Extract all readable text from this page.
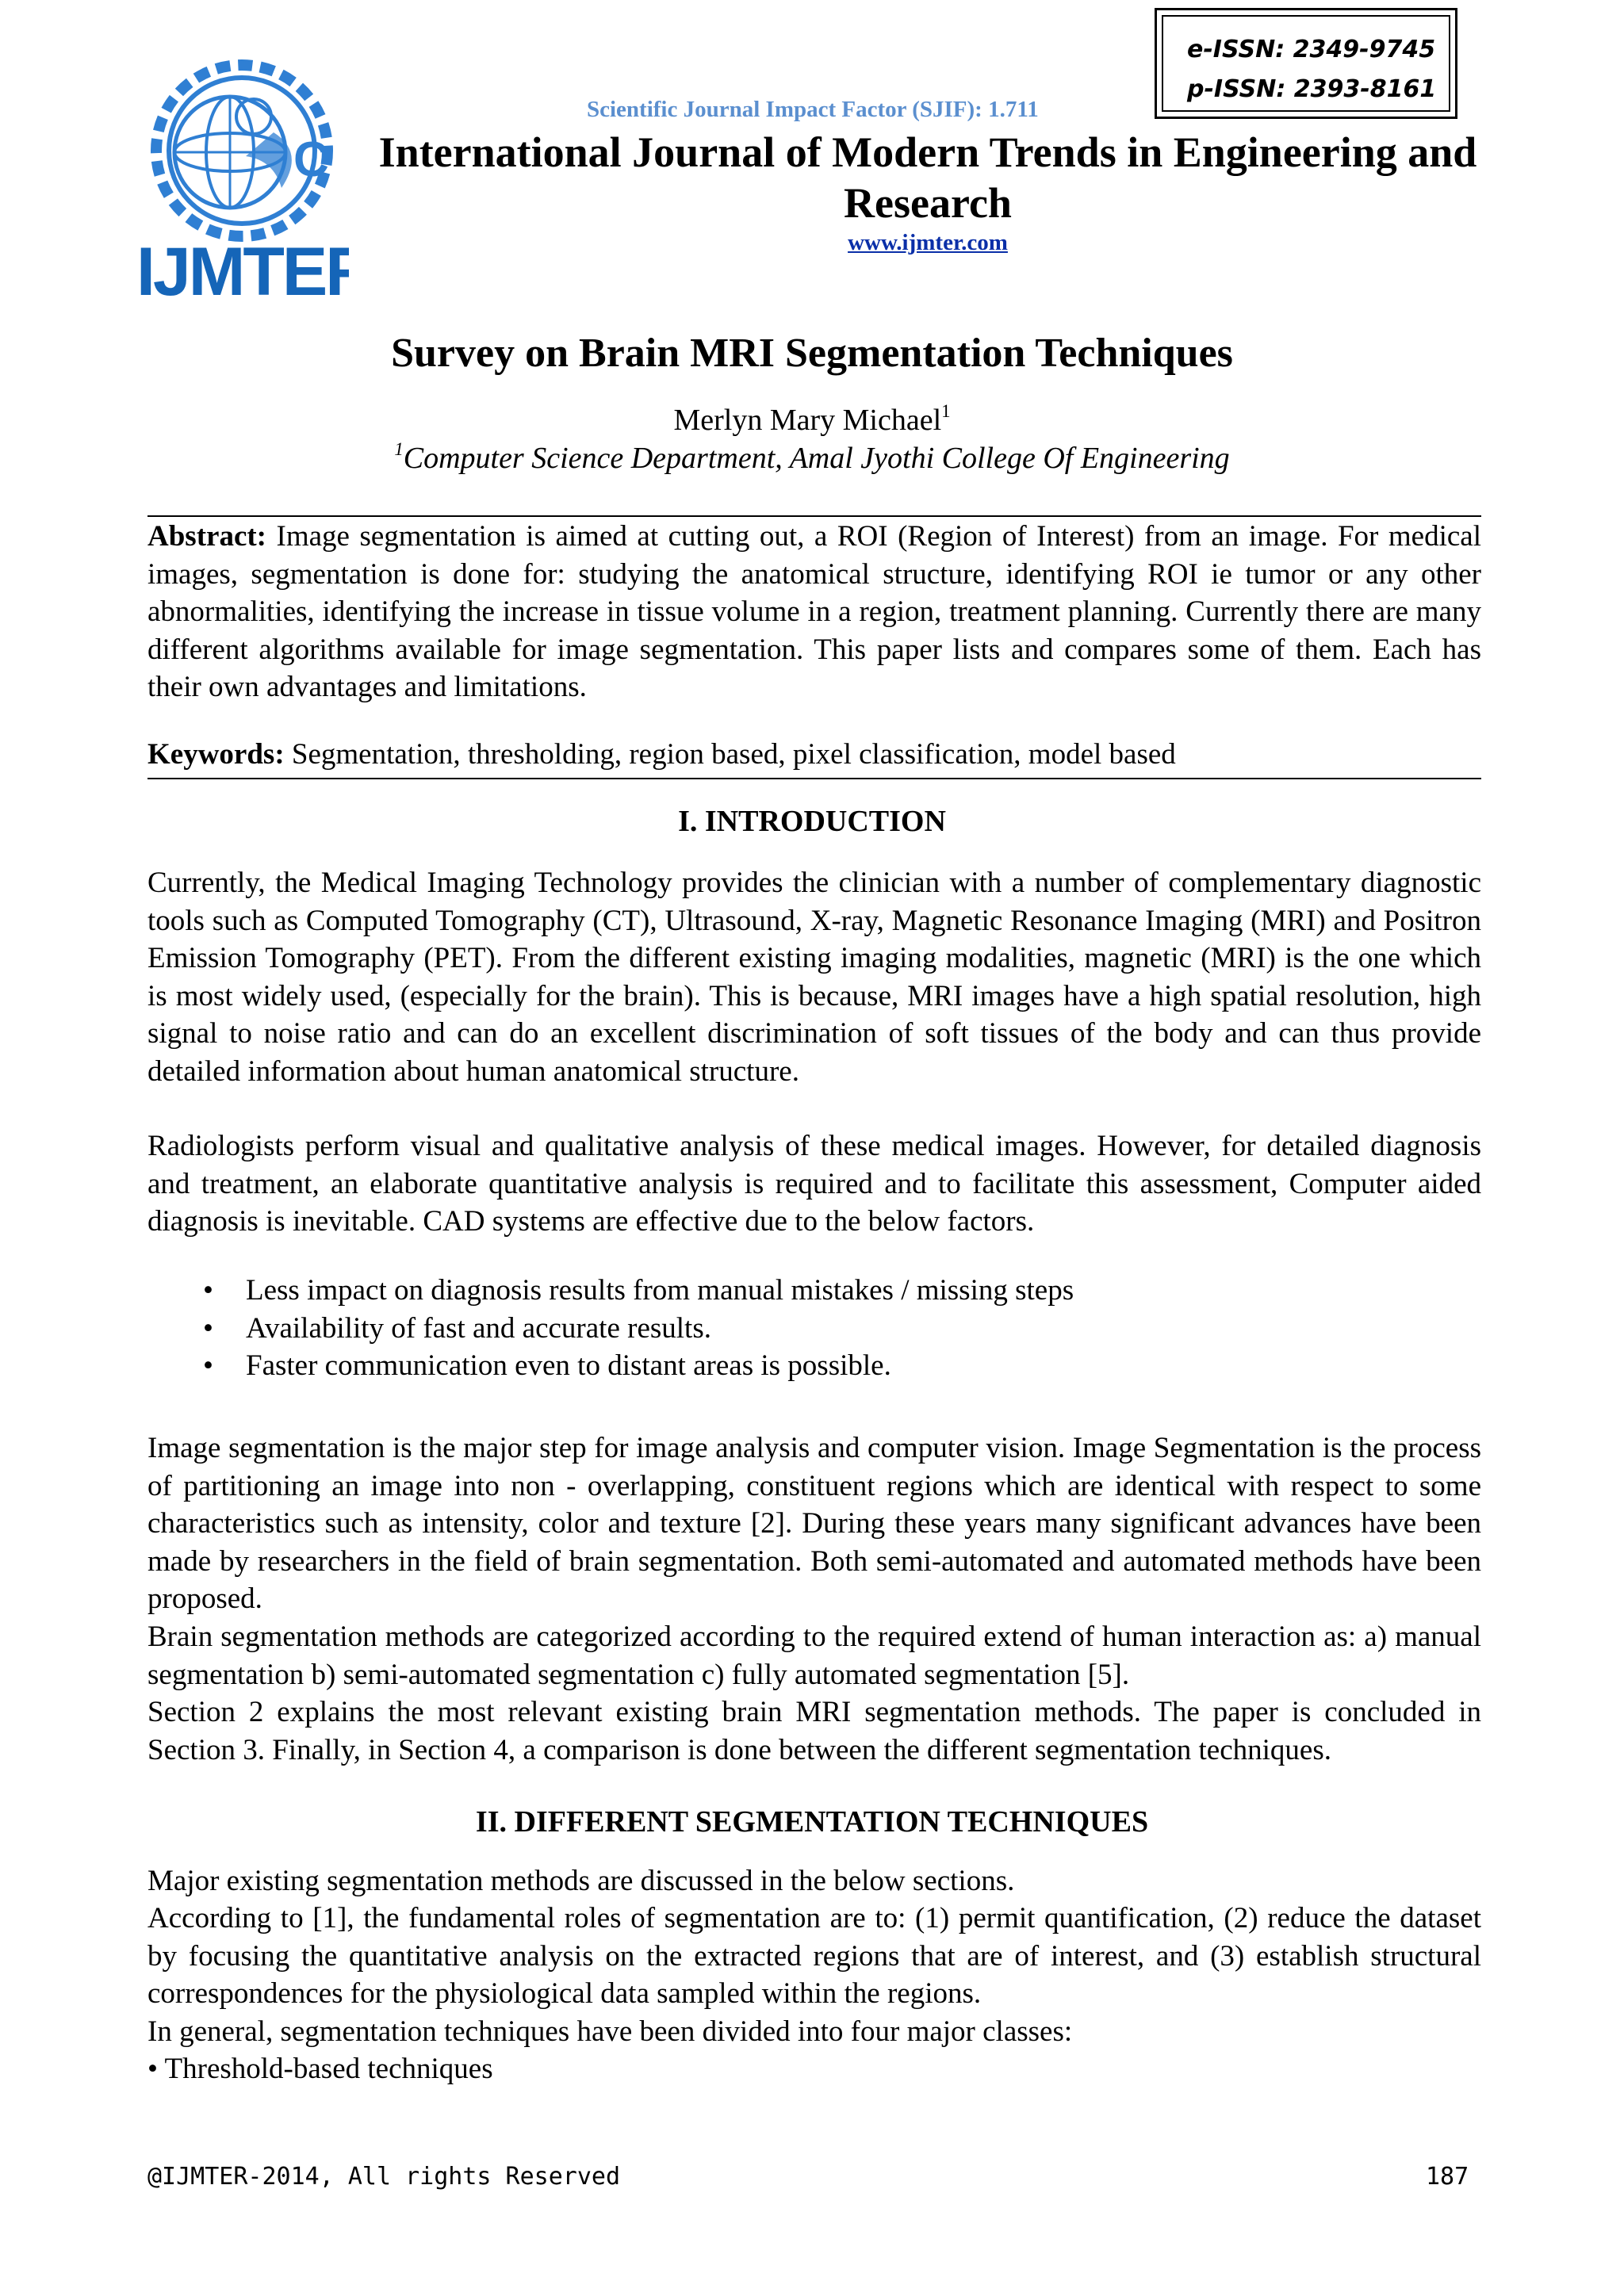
C
IJMTER
e-ISSN: 2349-9745
p-ISSN: 2393-8161
Scientific Journal Impact Factor (SJIF): 1.711
International Journal of Modern Trends in Engineering and Research
www.ijmter.com
Survey on Brain MRI Segmentation Techniques
Merlyn Mary Michael$^1$
$^1$Computer Science Department, Amal Jyothi College Of Engineering

Abstract: Image segmentation is aimed at cutting out, a ROI (Region of Interest) from an image. For medical images, segmentation is done for: studying the anatomical structure, identifying ROI ie tumor or any other abnormalities, identifying the increase in tissue volume in a region, treatment planning. Currently there are many different algorithms available for image segmentation. This paper lists and compares some of them. Each has their own advantages and limitations.

Keywords: Segmentation, thresholding, region based, pixel classification, model based

I. INTRODUCTION

Currently, the Medical Imaging Technology provides the clinician with a number of complementary diagnostic tools such as Computed Tomography (CT), Ultrasound, X-ray, Magnetic Resonance Imaging (MRI) and Positron Emission Tomography (PET). From the different existing imaging modalities, magnetic (MRI) is the one which is most widely used, (especially for the brain). This is because, MRI images have a high spatial resolution, high signal to noise ratio and can do an excellent discrimination of soft tissues of the body and can thus provide detailed information about human anatomical structure.

Radiologists perform visual and qualitative analysis of these medical images. However, for detailed diagnosis and treatment, an elaborate quantitative analysis is required and to facilitate this assessment, Computer aided diagnosis is inevitable. CAD systems are effective due to the below factors.

• Less impact on diagnosis results from manual mistakes / missing steps
• Availability of fast and accurate results.
• Faster communication even to distant areas is possible.

Image segmentation is the major step for image analysis and computer vision. Image Segmentation is the process of partitioning an image into non - overlapping, constituent regions which are identical with respect to some characteristics such as intensity, color and texture [2]. During these years many significant advances have been made by researchers in the field of brain segmentation. Both semi-automated and automated methods have been proposed.

Brain segmentation methods are categorized according to the required extend of human interaction as: a) manual segmentation b) semi-automated segmentation c) fully automated segmentation [5].

Section 2 explains the most relevant existing brain MRI segmentation methods. The paper is concluded in Section 3. Finally, in Section 4, a comparison is done between the different segmentation techniques.

II. DIFFERENT SEGMENTATION TECHNIQUES

Major existing segmentation methods are discussed in the below sections.

According to [1], the fundamental roles of segmentation are to: (1) permit quantification, (2) reduce the dataset by focusing the quantitative analysis on the extracted regions that are of interest, and (3) establish structural correspondences for the physiological data sampled within the regions.

In general, segmentation techniques have been divided into four major classes:

• Threshold-based techniques

@IJMTER-2014, All rights Reserved	187
